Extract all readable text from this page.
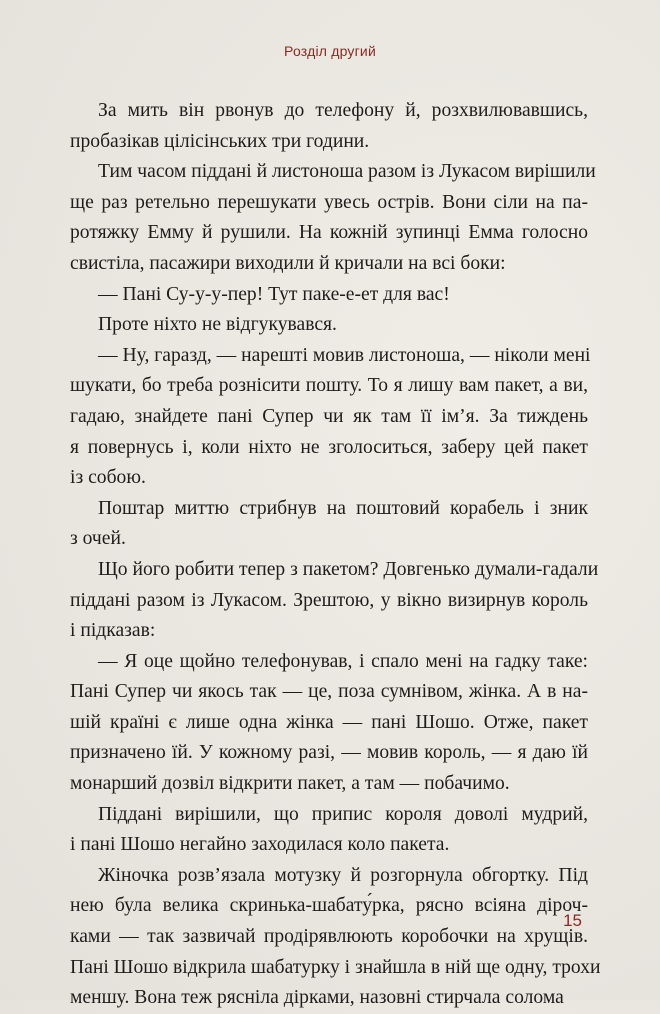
Розділ другий
За мить він рвонув до телефону й, розхвилювавшись,
пробазікав цілісінських три години.
Тим часом піддані й листоноша разом із Лукасом вирішили
ще раз ретельно перешукати увесь острів. Вони сіли на па-
ротяжку Емму й рушили. На кожній зупинці Емма голосно
свистіла, пасажири виходили й кричали на всі боки:
— Пані Су-у-у-пер! Тут паке-е-ет для вас!
Проте ніхто не відгукувався.
— Ну, гаразд, — нарешті мовив листоноша, — ніколи мені
шукати, бо треба рознісити пошту. То я лишу вам пакет, а ви,
гадаю, знайдете пані Супер чи як там її ім’я. За тиждень
я повернусь і, коли ніхто не зголоситься, заберу цей пакет
із собою.
Поштар миттю стрибнув на поштовий корабель і зник
з очей.
Що його робити тепер з пакетом? Довгенько думали-гадали
піддані разом із Лукасом. Зрештою, у вікно визирнув король
і підказав:
— Я оце щойно телефонував, і спало мені на гадку таке:
Пані Супер чи якось так — це, поза сумнівом, жінка. А в на-
шій країні є лише одна жінка — пані Шошо. Отже, пакет
призначено їй. У кожному разі, — мовив король, — я даю їй
монарший дозвіл відкрити пакет, а там — побачимо.
Піддані вирішили, що припис короля доволі мудрий,
і пані Шошо негайно заходилася коло пакета.
Жіночка розв’язала мотузку й розгорнула обгортку. Під
нею була велика скринька-шабату́рка, рясно всіяна діроч-
ками — так зазвичай продірявлюють коробочки на хрущів.
Пані Шошо відкрила шабатурку і знайшла в ній ще одну, трохи
меншу. Вона теж ряснiла дірками, назовні стирчала солома
15
